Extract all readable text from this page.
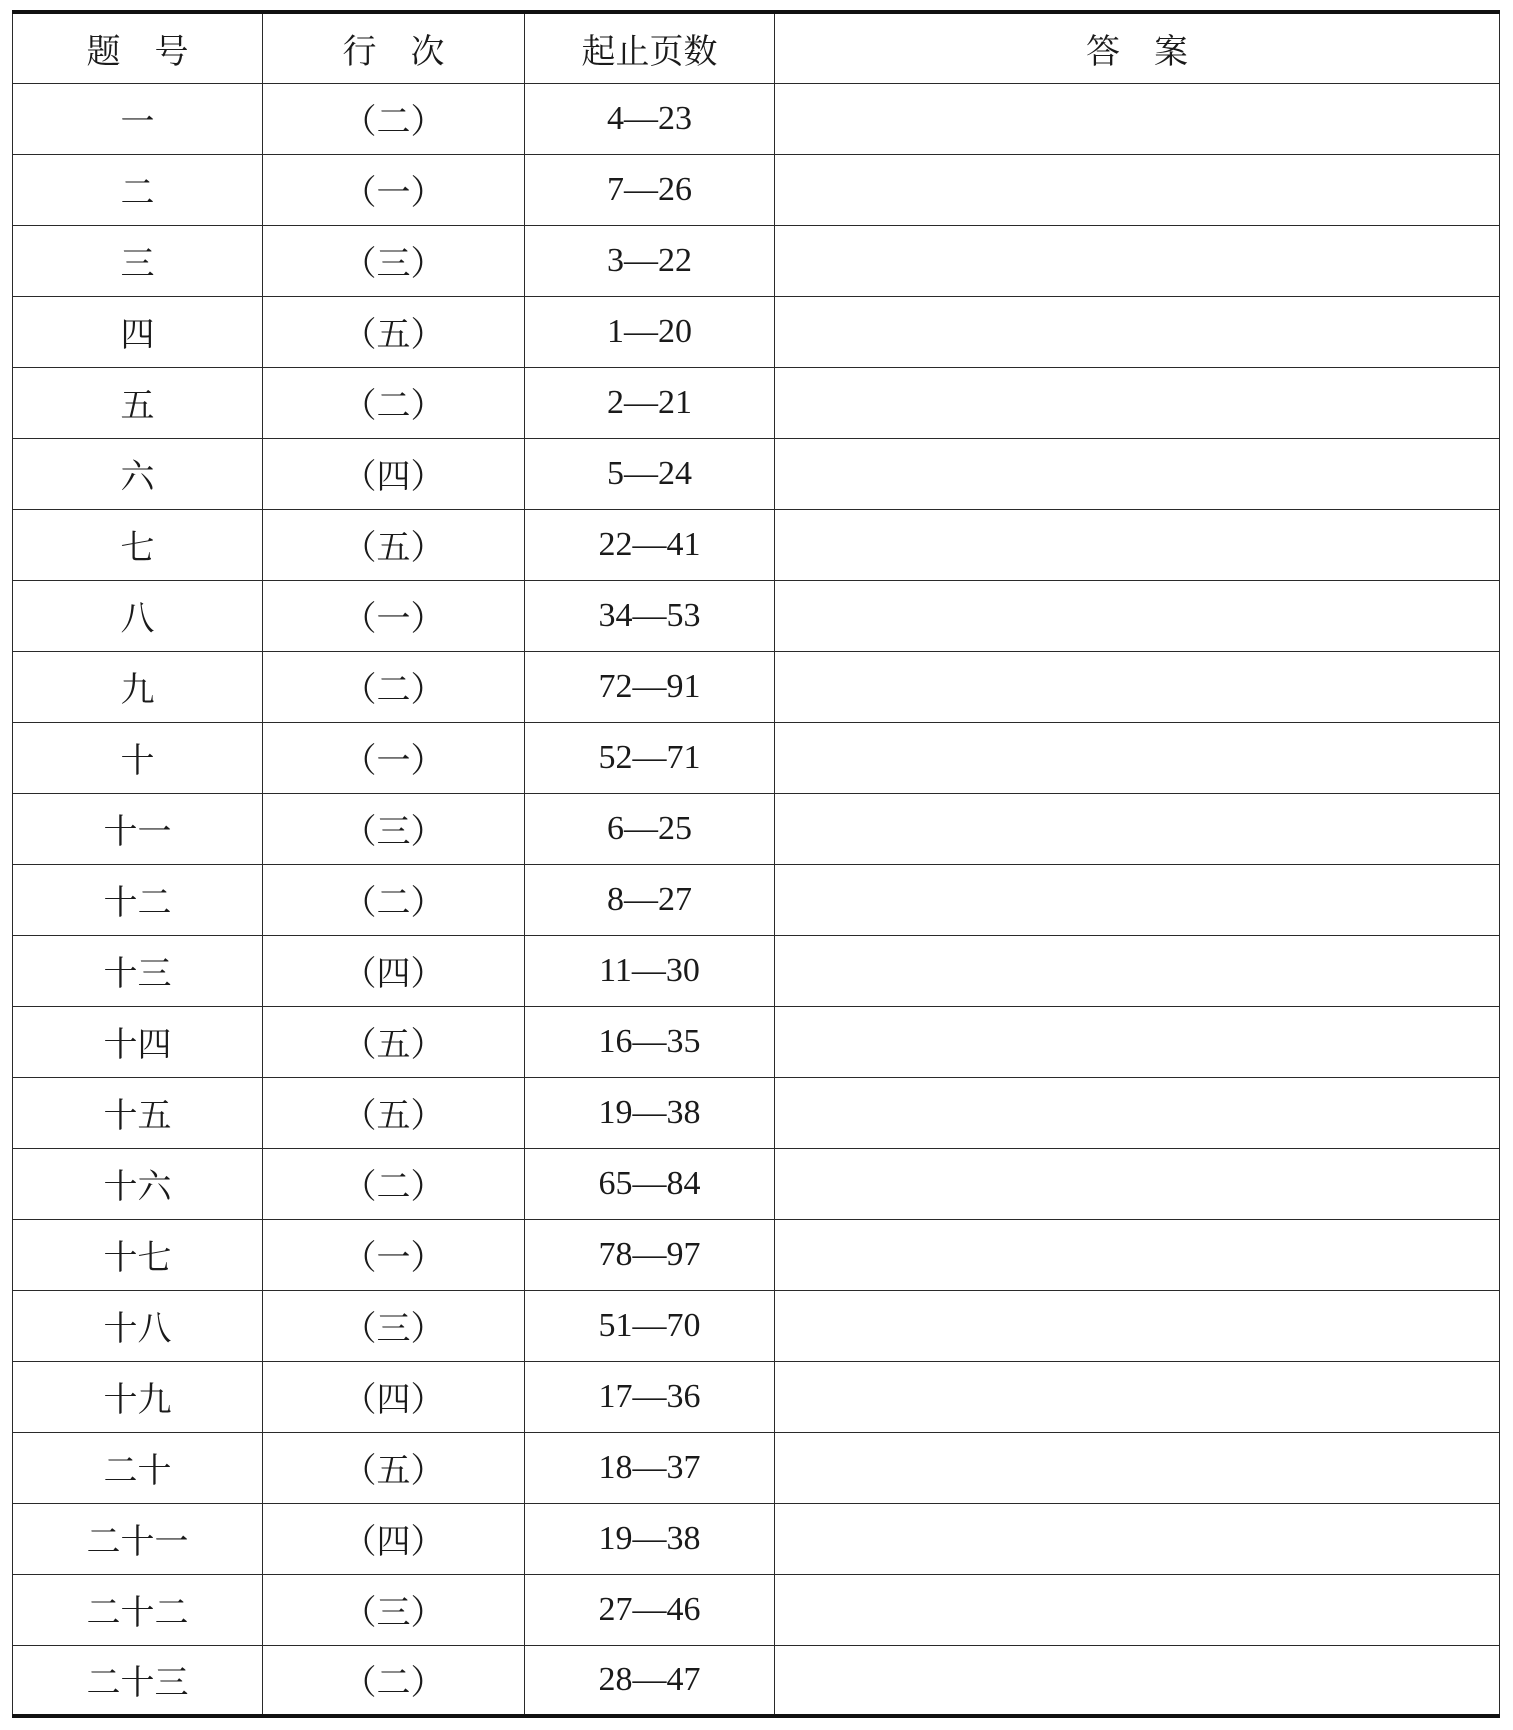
题　号	行　次	起止页数	答　案
一	（二）	4—23	
二	（一）	7—26	
三	（三）	3—22	
四	（五）	1—20	
五	（二）	2—21	
六	（四）	5—24	
七	（五）	22—41	
八	（一）	34—53	
九	（二）	72—91	
十	（一）	52—71	
十一	（三）	6—25	
十二	（二）	8—27	
十三	（四）	11—30	
十四	（五）	16—35	
十五	（五）	19—38	
十六	（二）	65—84	
十七	（一）	78—97	
十八	（三）	51—70	
十九	（四）	17—36	
二十	（五）	18—37	
二十一	（四）	19—38	
二十二	（三）	27—46	
二十三	（二）	28—47	
